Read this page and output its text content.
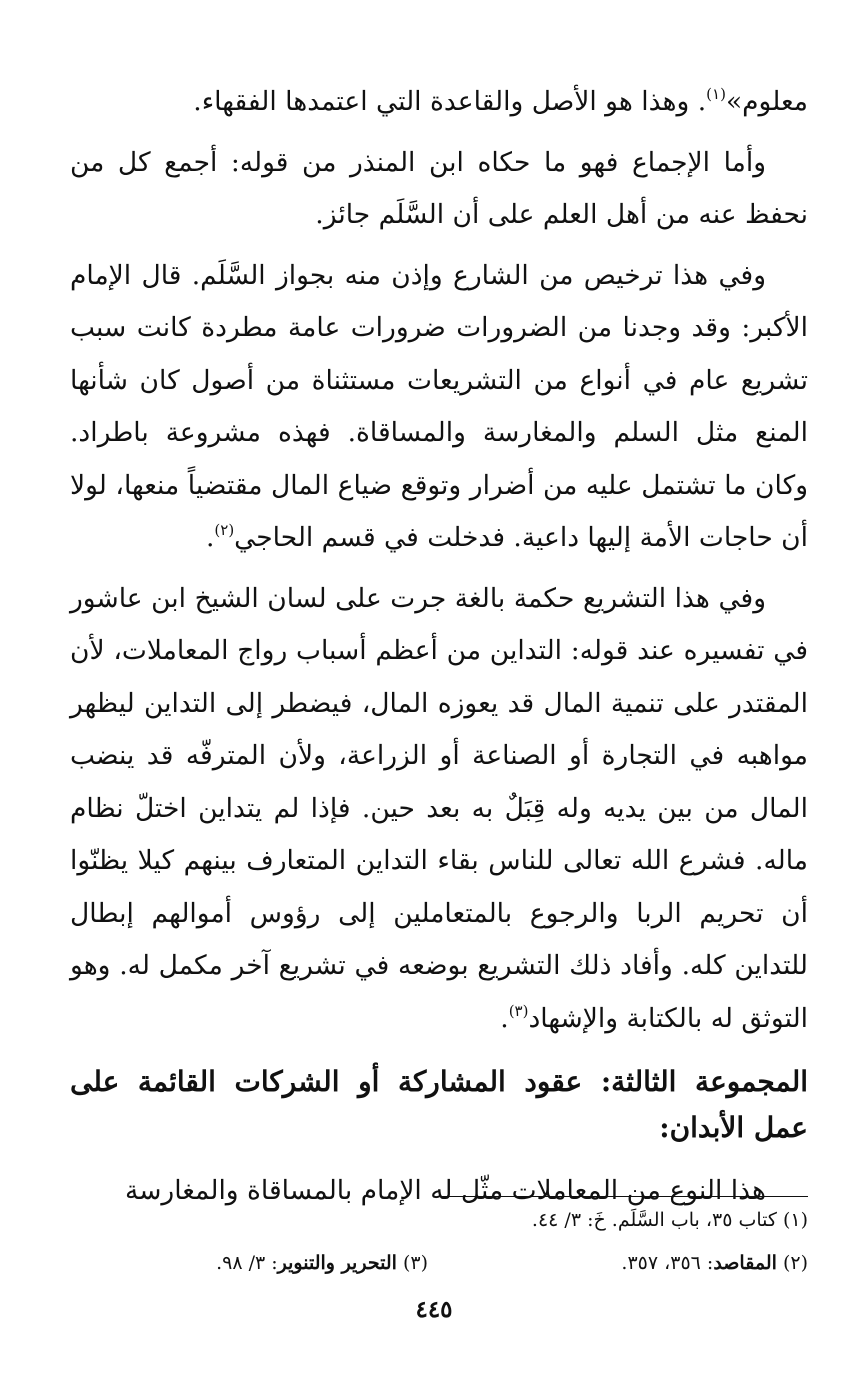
معلوم»$^{(١)}$. وهذا هو الأصل والقاعدة التي اعتمدها الفقهاء.

وأما الإجماع فهو ما حكاه ابن المنذر من قوله: أجمع كل من نحفظ عنه من أهل العلم على أن السَّلَم جائز.

وفي هذا ترخيص من الشارع وإذن منه بجواز السَّلَم. قال الإمام الأكبر: وقد وجدنا من الضرورات ضرورات عامة مطردة كانت سبب تشريع عام في أنواع من التشريعات مستثناة من أصول كان شأنها المنع مثل السلم والمغارسة والمساقاة. فهذه مشروعة باطراد. وكان ما تشتمل عليه من أضرار وتوقع ضياع المال مقتضياً منعها، لولا أن حاجات الأمة إليها داعية. فدخلت في قسم الحاجي$^{(٢)}$.

وفي هذا التشريع حكمة بالغة جرت على لسان الشيخ ابن عاشور في تفسيره عند قوله: التداين من أعظم أسباب رواج المعاملات، لأن المقتدر على تنمية المال قد يعوزه المال، فيضطر إلى التداين ليظهر مواهبه في التجارة أو الصناعة أو الزراعة، ولأن المترفّه قد ينضب المال من بين يديه وله قِبَلٌ به بعد حين. فإذا لم يتداين اختلّ نظام ماله. فشرع الله تعالى للناس بقاء التداين المتعارف بينهم كيلا يظنّوا أن تحريم الربا والرجوع بالمتعاملين إلى رؤوس أموالهم إبطال للتداين كله. وأفاد ذلك التشريع بوضعه في تشريع آخر مكمل له. وهو التوثق له بالكتابة والإشهاد$^{(٣)}$.

المجموعة الثالثة: عقود المشاركة أو الشركات القائمة على عمل الأبدان:

هذا النوع من المعاملات مثّل له الإمام بالمساقاة والمغارسة

(١) كتاب ٣٥، باب السَّلَم. خَ: ٣/ ٤٤.
(٢) المقاصد: ٣٥٦، ٣٥٧.
(٣) التحرير والتنوير: ٣/ ٩٨.
٤٤٥
